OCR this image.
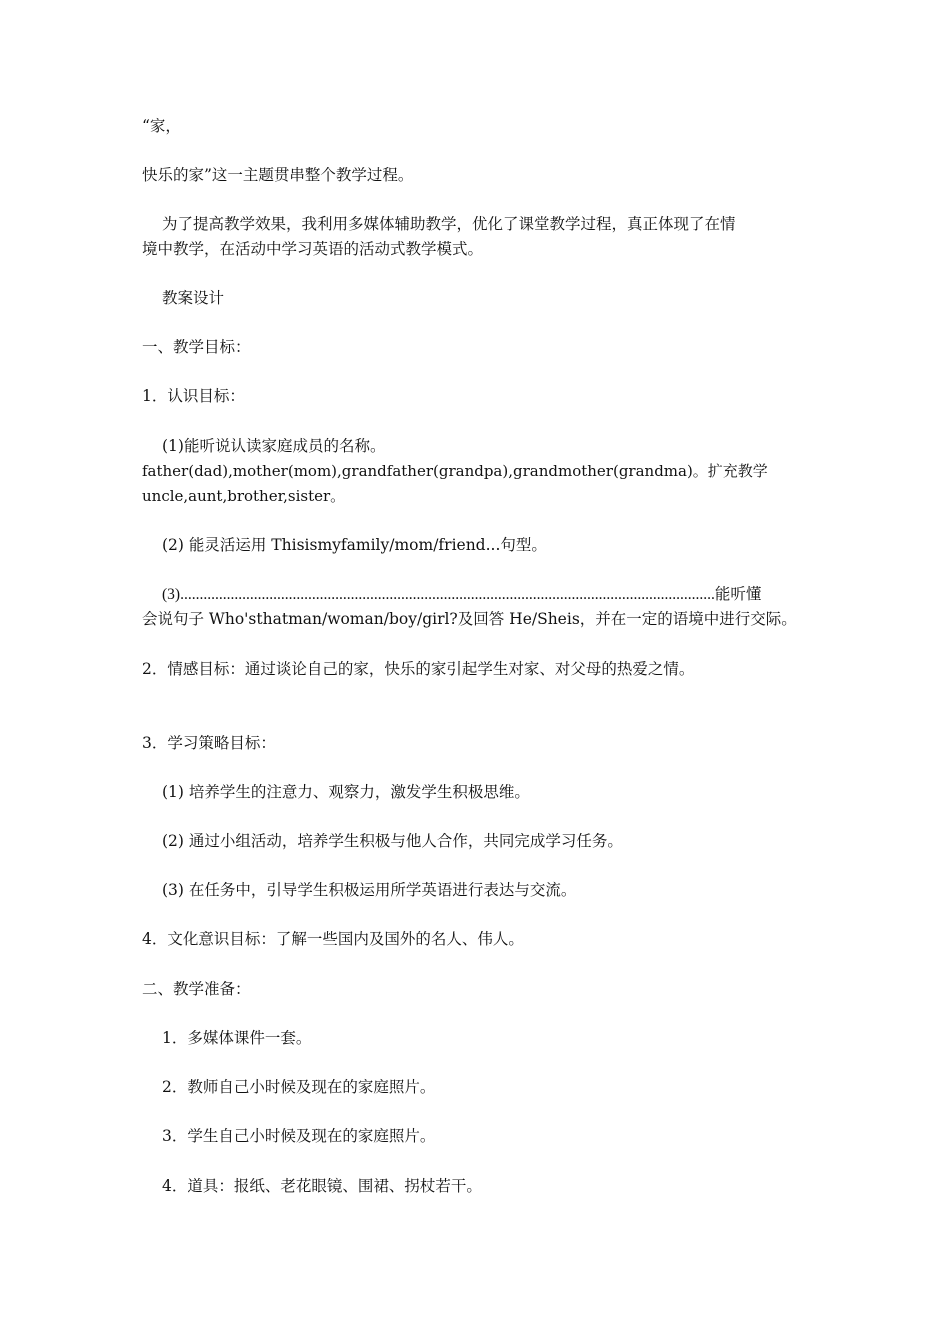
“家，
快乐的家”这一主题贯串整个教学过程。
为了提高教学效果，我利用多媒体辅助教学，优化了课堂教学过程，真正体现了在情
境中教学，在活动中学习英语的活动式教学模式。
教案设计
一、教学目标：
1．认识目标：
(1)能听说认读家庭成员的名称。
father(dad),mother(mom),grandfather(grandpa),grandmother(grandma)。扩充教学
uncle,aunt,brother,sister。
(2) 能灵活运用 Thisismyfamily/mom/friend...句型。
(3)..........................................................................................................................................能听懂
会说句子 Who'sthatman/woman/boy/girl?及回答 He/Sheis，并在一定的语境中进行交际。
2．情感目标：通过谈论自己的家，快乐的家引起学生对家、对父母的热爱之情。
3．学习策略目标：
(1) 培养学生的注意力、观察力，激发学生积极思维。
(2) 通过小组活动，培养学生积极与他人合作，共同完成学习任务。
(3) 在任务中，引导学生积极运用所学英语进行表达与交流。
4．文化意识目标：了解一些国内及国外的名人、伟人。
二、教学准备：
1．多媒体课件一套。
2．教师自己小时候及现在的家庭照片。
3．学生自己小时候及现在的家庭照片。
4．道具：报纸、老花眼镜、围裙、拐杖若干。
